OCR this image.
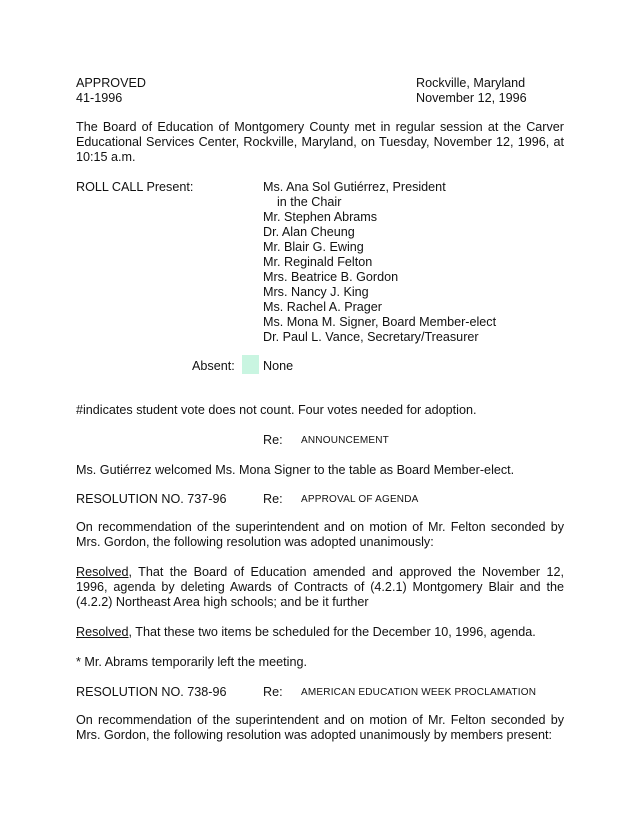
APPROVED	Rockville, Maryland
41-1996	November 12, 1996
The Board of Education of Montgomery County met in regular session at the Carver Educational Services Center, Rockville, Maryland, on Tuesday, November 12, 1996, at 10:15 a.m.
ROLL CALL Present:	Ms. Ana Sol Gutiérrez, President
in the Chair
Mr. Stephen Abrams
Dr. Alan Cheung
Mr. Blair G. Ewing
Mr. Reginald Felton
Mrs. Beatrice B. Gordon
Mrs. Nancy J. King
Ms. Rachel A. Prager
Ms. Mona M. Signer, Board Member-elect
Dr. Paul L. Vance, Secretary/Treasurer
Absent: None
#indicates student vote does not count. Four votes needed for adoption.
Re: ANNOUNCEMENT
Ms. Gutiérrez welcomed Ms. Mona Signer to the table as Board Member-elect.
RESOLUTION NO. 737-96	Re: APPROVAL OF AGENDA
On recommendation of the superintendent and on motion of Mr. Felton seconded by Mrs. Gordon, the following resolution was adopted unanimously:
Resolved, That the Board of Education amended and approved the November 12, 1996, agenda by deleting Awards of Contracts of (4.2.1) Montgomery Blair and the (4.2.2) Northeast Area high schools; and be it further
Resolved, That these two items be scheduled for the December 10, 1996, agenda.
* Mr. Abrams temporarily left the meeting.
RESOLUTION NO. 738-96	Re: AMERICAN EDUCATION WEEK PROCLAMATION
On recommendation of the superintendent and on motion of Mr. Felton seconded by Mrs. Gordon, the following resolution was adopted unanimously by members present:
